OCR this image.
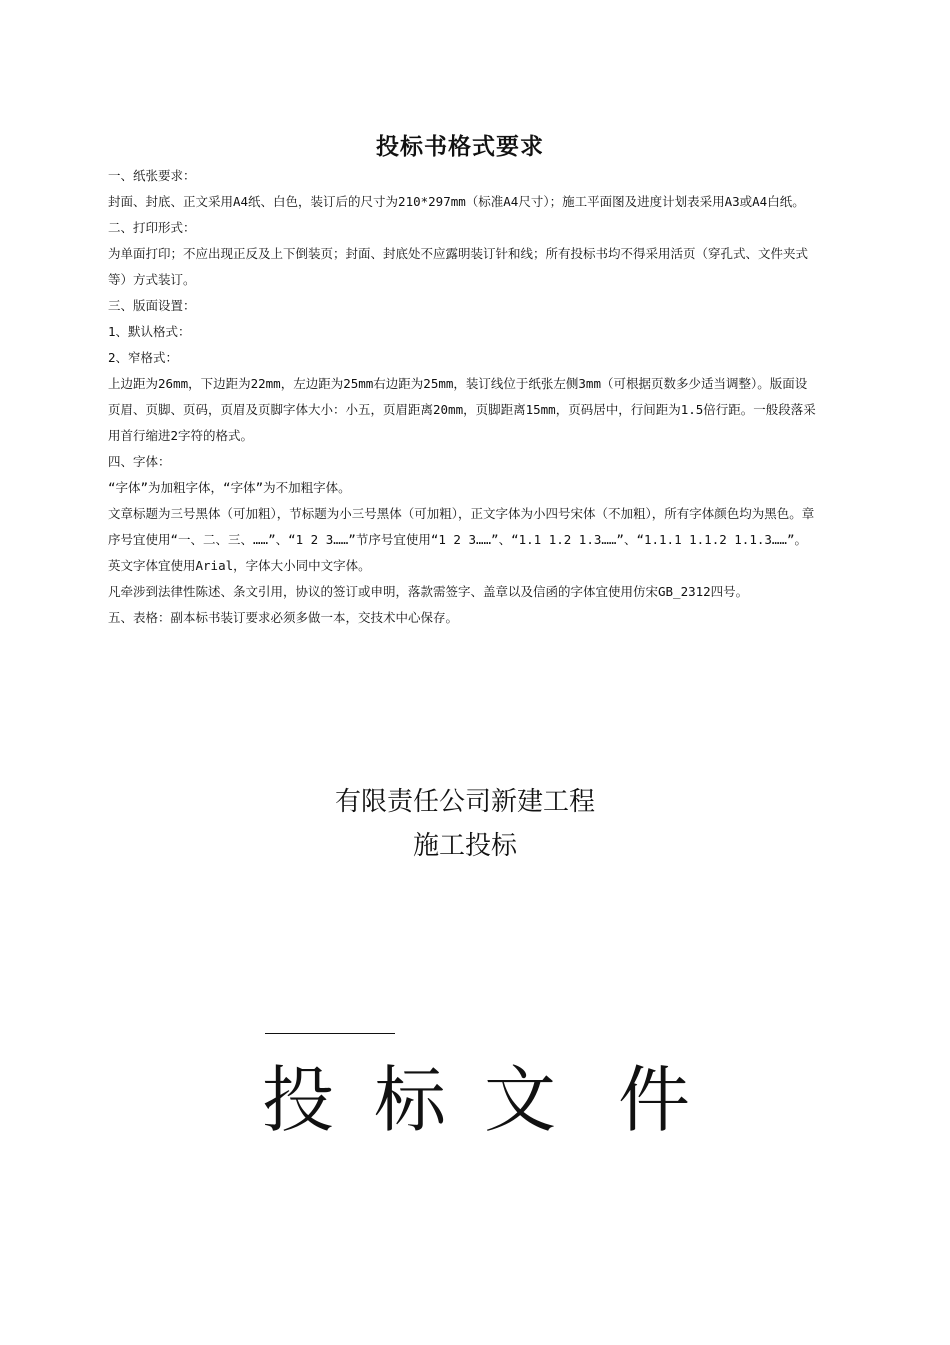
投标书格式要求

一、纸张要求：

封面、封底、正文采用A4纸、白色，装订后的尺寸为210*297mm（标准A4尺寸）；施工平面图及进度计划表采用A3或A4白纸。

二、打印形式：

为单面打印；不应出现正反及上下倒装页；封面、封底处不应露明装订针和线；所有投标书均不得采用活页（穿孔式、文件夹式等）方式装订。

三、版面设置：

1、默认格式：

2、窄格式：

上边距为26mm，下边距为22mm，左边距为25mm右边距为25mm，装订线位于纸张左侧3mm（可根据页数多少适当调整）。版面设页眉、页脚、页码，页眉及页脚字体大小：小五，页眉距离20mm，页脚距离15mm，页码居中，行间距为1.5倍行距。一般段落采用首行缩进2字符的格式。

四、字体：

“字体”为加粗字体，“字体”为不加粗字体。

文章标题为三号黑体（可加粗），节标题为小三号黑体（可加粗），正文字体为小四号宋体（不加粗），所有字体颜色均为黑色。章序号宜使用“一、二、三、……”、“1 2 3……”节序号宜使用“1 2 3……”、“1.1 1.2 1.3……”、“1.1.1 1.1.2 1.1.3……”。

英文字体宜使用Arial，字体大小同中文字体。

凡牵涉到法律性陈述、条文引用，协议的签订或申明，落款需签字、盖章以及信函的字体宜使用仿宋GB_2312四号。

五、表格：副本标书装订要求必须多做一本，交技术中心保存。

有限责任公司新建工程
施工投标
投 标 文 件
